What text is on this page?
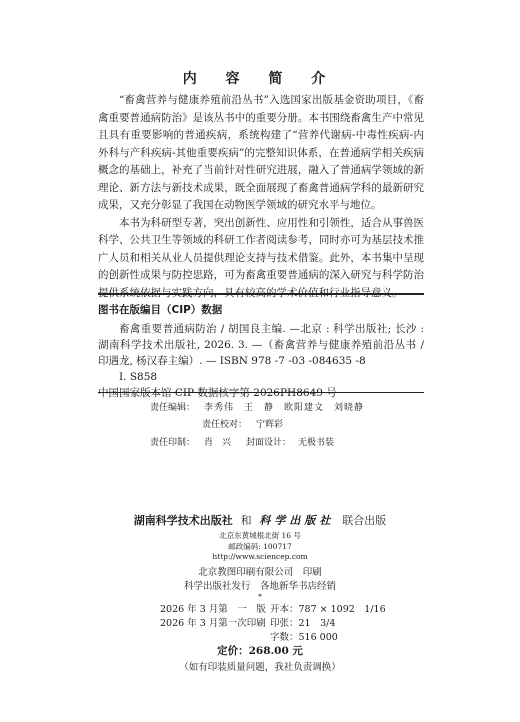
内 容 简 介

“畜禽营养与健康养殖前沿丛书”入选国家出版基金资助项目，《畜禽重要普通病防治》是该丛书中的重要分册。本书围绕畜禽生产中常见且具有重要影响的普通疾病，系统构建了“营养代谢病-中毒性疾病-内外科与产科疾病-其他重要疾病”的完整知识体系，在普通病学相关疾病概念的基础上，补充了当前针对性研究进展，融入了普通病学领域的新理论、新方法与新技术成果，既全面展现了畜禽普通病学科的最新研究成果，又充分彰显了我国在动物医学领域的研究水平与地位。

本书为科研型专著，突出创新性、应用性和引领性，适合从事兽医科学、公共卫生等领域的科研工作者阅读参考，同时亦可为基层技术推广人员和相关从业人员提供理论支持与技术借鉴。此外，本书集中呈现的创新性成果与防控思路，可为畜禽重要普通病的深入研究与科学防治提供系统依据与实践方向，具有较高的学术价值和行业指导意义。

图书在版编目（CIP）数据
畜禽重要普通病防治 / 胡国良主编. —北京 : 科学出版社; 长沙 : 湖南科学技术出版社, 2026. 3. —（畜禽营养与健康养殖前沿丛书 / 印遇龙, 杨汉春主编）. — ISBN 978 -7 -03 -084635 -8
Ⅰ. S858
中国国家版本馆 CIP 数据核字第 2026PH8649 号
责任编辑： 李秀伟　王　静　欧阳建文　刘晓静
责任校对： 宁辉彩
责任印制： 肖　兴 封面设计： 无极书装
湖南科学技术出版社 和 科学出版社 联合出版
北京东黄城根北街 16 号
邮政编码: 100717
http://www.sciencep.com
北京教图印刷有限公司　印刷
科学出版社发行　各地新华书店经销
*
2026 年 3 月第　一　版 开本：787 × 1092　1/16
2026 年 3 月第一次印刷 印张：21　3/4
字数：516 000
定价：268.00 元
（如有印装质量问题，我社负责调换）
